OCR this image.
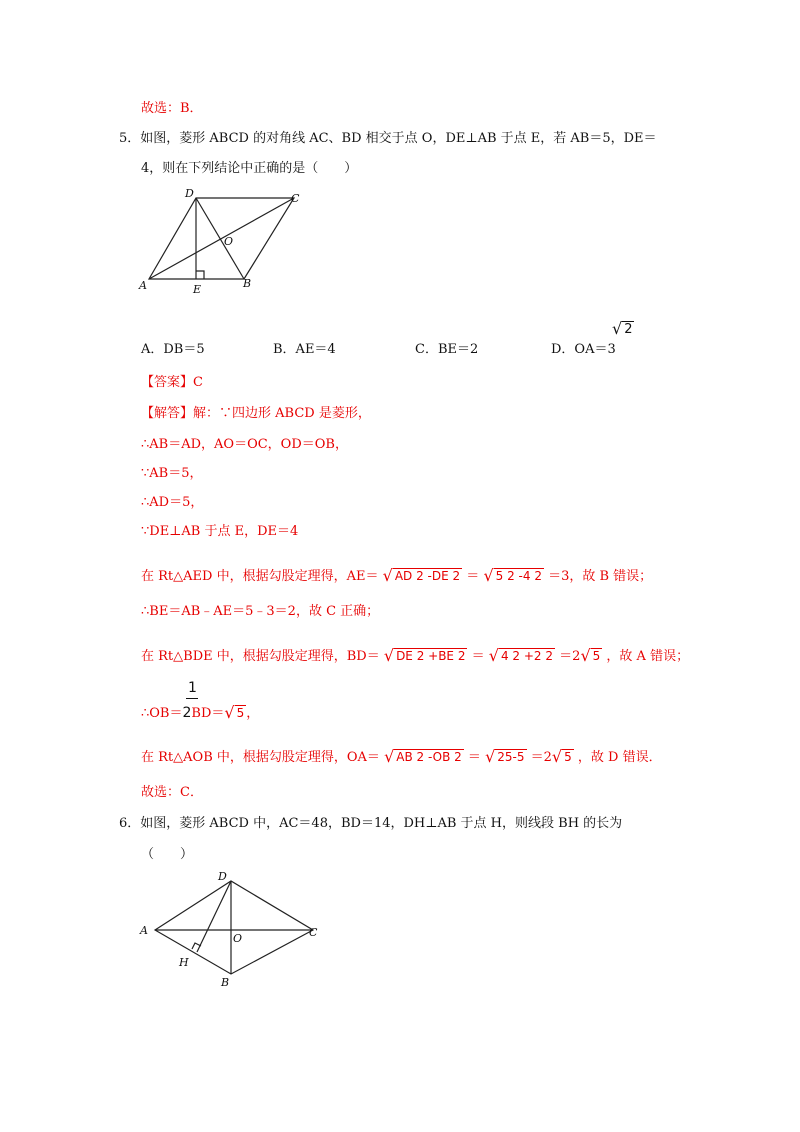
故选：B．
5．如图，菱形 ABCD 的对角线 AC、BD 相交于点 O，DE⊥AB 于点 E，若 AB＝5，DE＝
4，则在下列结论中正确的是（　　）
D	C
O
A	E	B
A．DB＝5	B．AE＝4	C．BE＝2	D．OA＝3
√ 2
【答案】C
【解答】解：∵四边形 ABCD 是菱形，
∴AB＝AD，AO＝OC，OD＝OB，
∵AB＝5，
∴AD＝5，
∵DE⊥AB 于点 E，DE＝4
在 Rt△AED 中，根据勾股定理得，AE＝ √ AD 2 -DE 2 ＝ √ 5 2 -4 2 ＝3，故 B 错误；
∴BE＝AB﹣AE＝5﹣3＝2，故 C 正确；
在 Rt△BDE 中，根据勾股定理得，BD＝ √ DE 2 +BE 2 ＝ √ 4 2 +2 2 ＝2√ 5 ，故 A 错误；
1
∴OB＝2BD＝√ 5 ，
在 Rt△AOB 中，根据勾股定理得，OA＝ √ AB 2 -OB 2 ＝ √ 25-5 ＝2√ 5 ，故 D 错误．
故选：C．
6．如图，菱形 ABCD 中，AC＝48，BD＝14，DH⊥AB 于点 H，则线段 BH 的长为
（　　）
D
A
O	C
H
B
